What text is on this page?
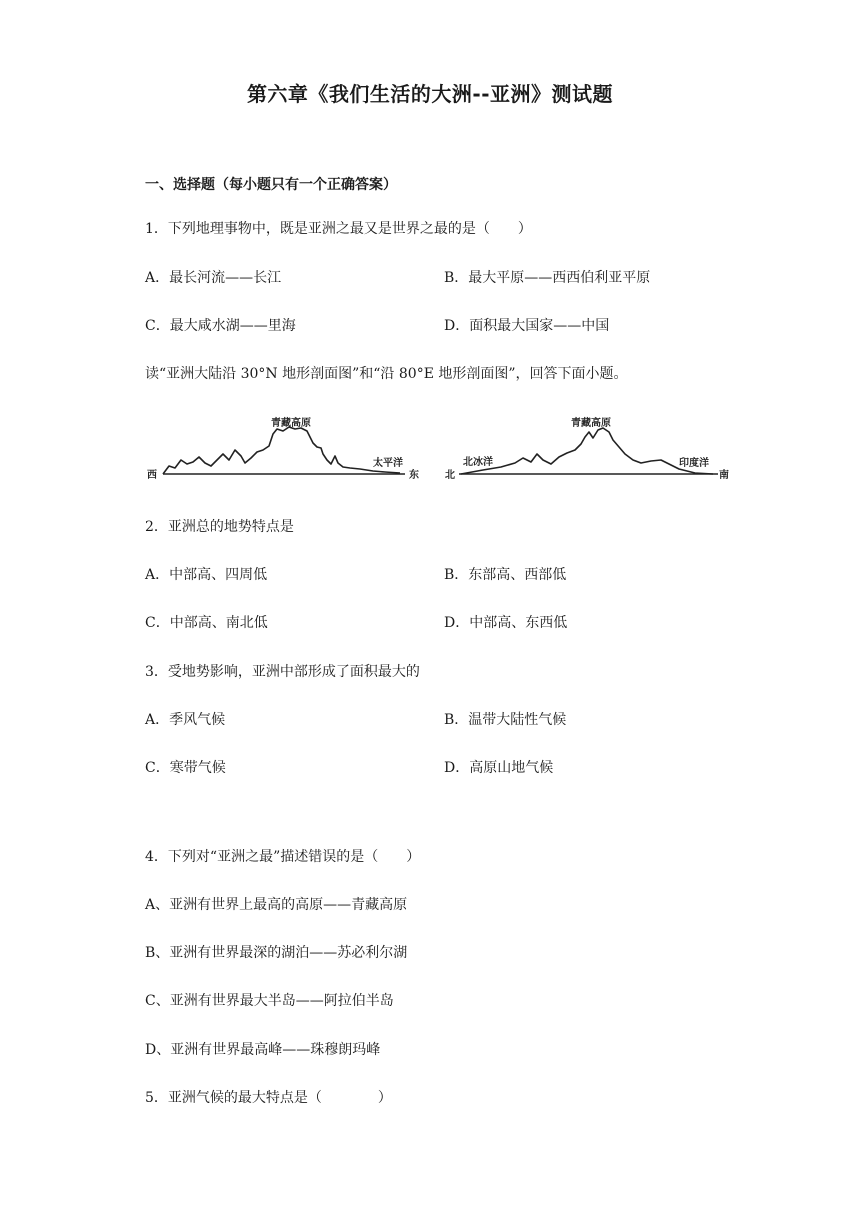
第六章《我们生活的大洲--亚洲》测试题
一、选择题（每小题只有一个正确答案）
1．下列地理事物中，既是亚洲之最又是世界之最的是（　　）
A．最长河流——长江	B．最大平原——西西伯利亚平原
C．最大咸水湖——里海	D．面积最大国家——中国
读“亚洲大陆沿 30°N 地形剖面图”和“沿 80°E 地形剖面图”，回答下面小题。
青藏高原
西	东
太平洋
青藏高原
北	南
北冰洋	印度洋
2．亚洲总的地势特点是
A．中部高、四周低	B．东部高、西部低
C．中部高、南北低	D．中部高、东西低
3．受地势影响，亚洲中部形成了面积最大的
A．季风气候	B．温带大陆性气候
C．寒带气候	D．高原山地气候
4．下列对“亚洲之最”描述错误的是（　　）
A、亚洲有世界上最高的高原——青藏高原
B、亚洲有世界最深的湖泊——苏必利尔湖
C、亚洲有世界最大半岛——阿拉伯半岛
D、亚洲有世界最高峰——珠穆朗玛峰
5．亚洲气候的最大特点是（　　　　）
